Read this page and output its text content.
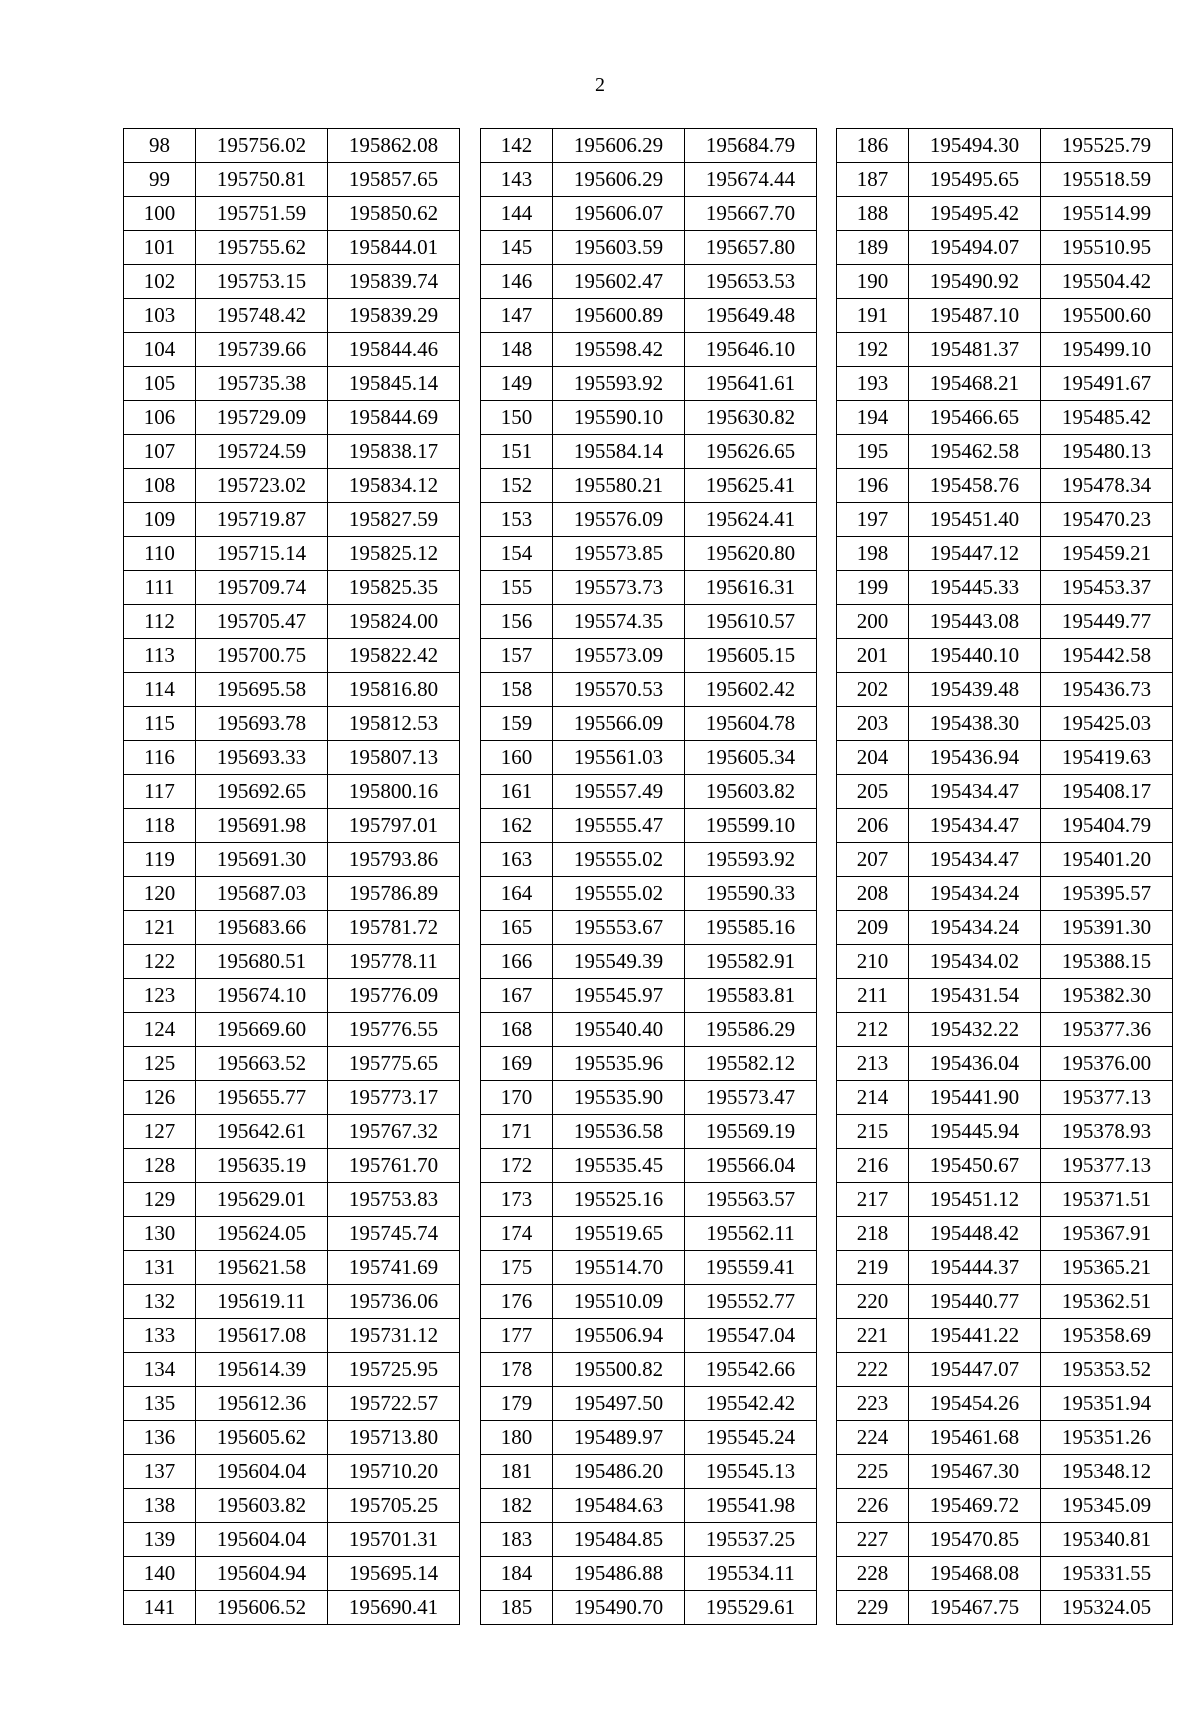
2
98	195756.02	195862.08
99	195750.81	195857.65
100	195751.59	195850.62
101	195755.62	195844.01
102	195753.15	195839.74
103	195748.42	195839.29
104	195739.66	195844.46
105	195735.38	195845.14
106	195729.09	195844.69
107	195724.59	195838.17
108	195723.02	195834.12
109	195719.87	195827.59
110	195715.14	195825.12
111	195709.74	195825.35
112	195705.47	195824.00
113	195700.75	195822.42
114	195695.58	195816.80
115	195693.78	195812.53
116	195693.33	195807.13
117	195692.65	195800.16
118	195691.98	195797.01
119	195691.30	195793.86
120	195687.03	195786.89
121	195683.66	195781.72
122	195680.51	195778.11
123	195674.10	195776.09
124	195669.60	195776.55
125	195663.52	195775.65
126	195655.77	195773.17
127	195642.61	195767.32
128	195635.19	195761.70
129	195629.01	195753.83
130	195624.05	195745.74
131	195621.58	195741.69
132	195619.11	195736.06
133	195617.08	195731.12
134	195614.39	195725.95
135	195612.36	195722.57
136	195605.62	195713.80
137	195604.04	195710.20
138	195603.82	195705.25
139	195604.04	195701.31
140	195604.94	195695.14
141	195606.52	195690.41
142	195606.29	195684.79
143	195606.29	195674.44
144	195606.07	195667.70
145	195603.59	195657.80
146	195602.47	195653.53
147	195600.89	195649.48
148	195598.42	195646.10
149	195593.92	195641.61
150	195590.10	195630.82
151	195584.14	195626.65
152	195580.21	195625.41
153	195576.09	195624.41
154	195573.85	195620.80
155	195573.73	195616.31
156	195574.35	195610.57
157	195573.09	195605.15
158	195570.53	195602.42
159	195566.09	195604.78
160	195561.03	195605.34
161	195557.49	195603.82
162	195555.47	195599.10
163	195555.02	195593.92
164	195555.02	195590.33
165	195553.67	195585.16
166	195549.39	195582.91
167	195545.97	195583.81
168	195540.40	195586.29
169	195535.96	195582.12
170	195535.90	195573.47
171	195536.58	195569.19
172	195535.45	195566.04
173	195525.16	195563.57
174	195519.65	195562.11
175	195514.70	195559.41
176	195510.09	195552.77
177	195506.94	195547.04
178	195500.82	195542.66
179	195497.50	195542.42
180	195489.97	195545.24
181	195486.20	195545.13
182	195484.63	195541.98
183	195484.85	195537.25
184	195486.88	195534.11
185	195490.70	195529.61
186	195494.30	195525.79
187	195495.65	195518.59
188	195495.42	195514.99
189	195494.07	195510.95
190	195490.92	195504.42
191	195487.10	195500.60
192	195481.37	195499.10
193	195468.21	195491.67
194	195466.65	195485.42
195	195462.58	195480.13
196	195458.76	195478.34
197	195451.40	195470.23
198	195447.12	195459.21
199	195445.33	195453.37
200	195443.08	195449.77
201	195440.10	195442.58
202	195439.48	195436.73
203	195438.30	195425.03
204	195436.94	195419.63
205	195434.47	195408.17
206	195434.47	195404.79
207	195434.47	195401.20
208	195434.24	195395.57
209	195434.24	195391.30
210	195434.02	195388.15
211	195431.54	195382.30
212	195432.22	195377.36
213	195436.04	195376.00
214	195441.90	195377.13
215	195445.94	195378.93
216	195450.67	195377.13
217	195451.12	195371.51
218	195448.42	195367.91
219	195444.37	195365.21
220	195440.77	195362.51
221	195441.22	195358.69
222	195447.07	195353.52
223	195454.26	195351.94
224	195461.68	195351.26
225	195467.30	195348.12
226	195469.72	195345.09
227	195470.85	195340.81
228	195468.08	195331.55
229	195467.75	195324.05
